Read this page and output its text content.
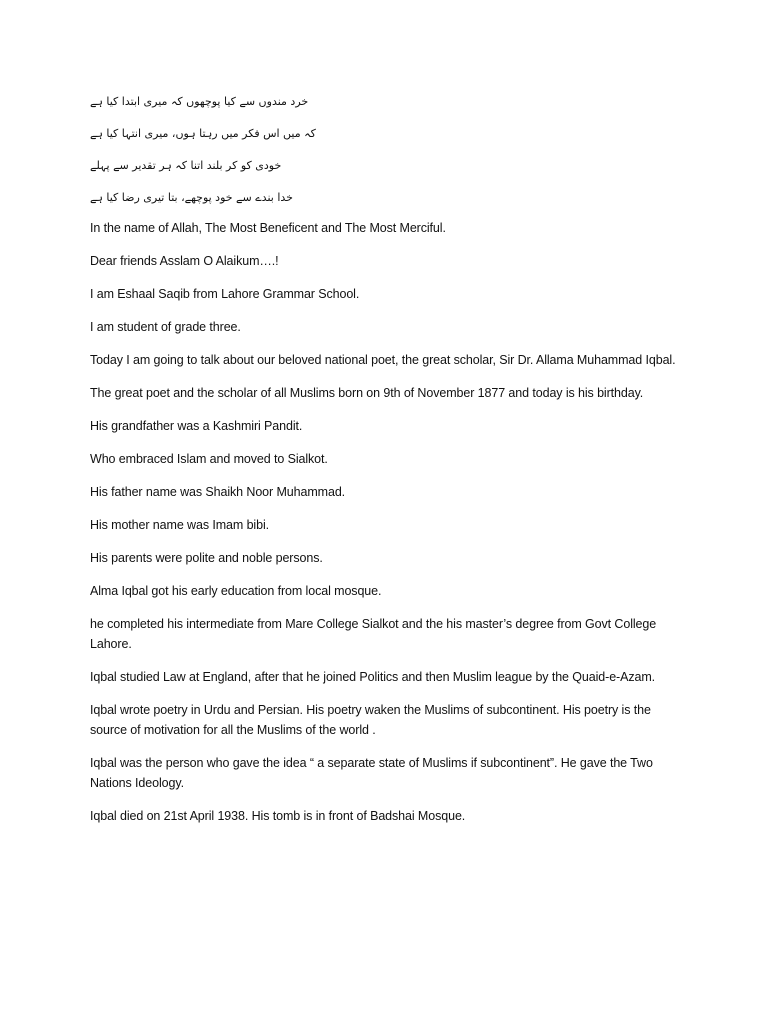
خرد مندوں سے کیا پوچھوں کہ میری ابتدا کیا ہے
کہ میں اس فکر میں رہتا ہوں، میری انتہا کیا ہے
خودی کو کر بلند اتنا کہ ہر تقدیر سے پہلے
خدا بندے سے خود پوچھے، بتا تیری رضا کیا ہے

In the name of Allah, The Most Beneficent and The Most Merciful.

Dear friends Asslam O Alaikum….!

I am Eshaal Saqib from Lahore Grammar School.

I am student of grade three.

Today I am going to talk about our beloved national poet, the great scholar, Sir Dr. Allama Muhammad Iqbal.

The great poet and the scholar of all Muslims born on 9th of November 1877 and today is his birthday.

His grandfather was a Kashmiri Pandit.

Who embraced Islam and moved to Sialkot.

His father name was Shaikh Noor Muhammad.

His mother name was Imam bibi.

His parents were polite and noble persons.

Alma Iqbal got his early education from local mosque.

he completed his intermediate from Mare College Sialkot and the his master’s degree from Govt College Lahore.

Iqbal studied Law at England, after that he joined Politics and then Muslim league by the Quaid-e-Azam.

Iqbal wrote poetry in Urdu and Persian. His poetry waken the Muslims of subcontinent. His poetry is the source of motivation for all the Muslims of the world .

Iqbal was the person who gave the idea “ a separate state of Muslims if subcontinent”. He gave the Two Nations Ideology.

Iqbal died on 21st April 1938. His tomb is in front of Badshai Mosque.
